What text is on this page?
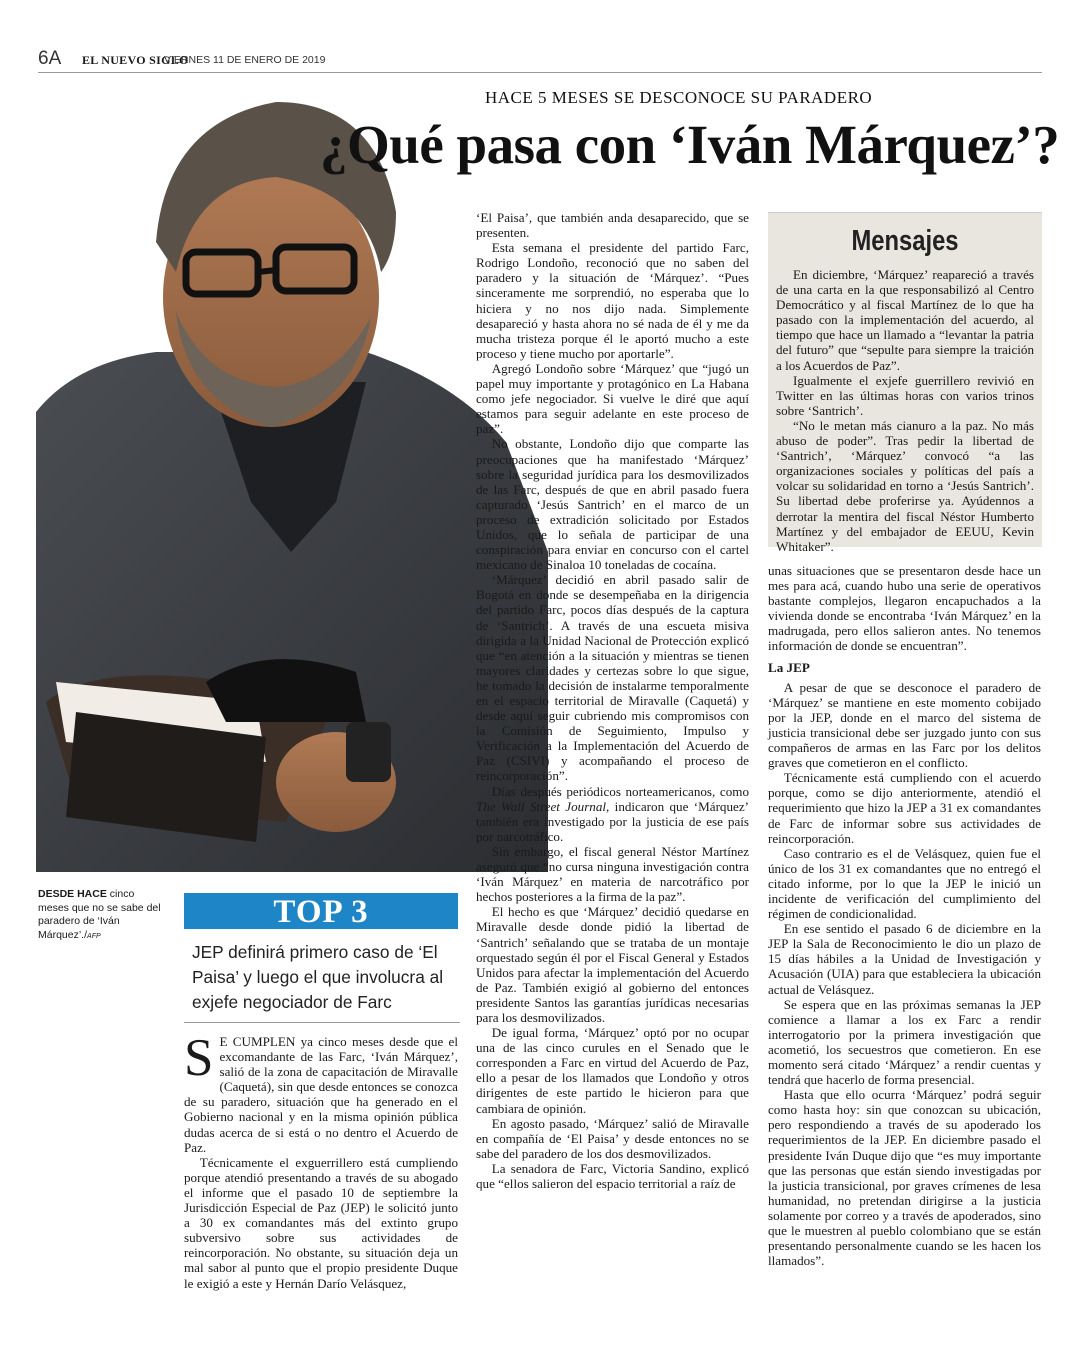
6A EL NUEVO SIGLO
VIERNES 11 DE ENERO DE 2019
HACE 5 MESES SE DESCONOCE SU PARADERO
¿Qué pasa con ‘Iván Márquez’?
DESDE HACE cinco meses que no se sabe del paradero de ‘Iván Márquez’./AFP
TOP 3
JEP definirá primero caso de ‘El Paisa’ y luego el que involucra al exjefe negociador de Farc

S E CUMPLEN ya cinco meses desde que el excomandante de las Farc, ‘Iván Márquez’, salió de la zona de capacitación de Miravalle (Caquetá), sin que desde entonces se conozca de su paradero, situación que ha generado en el Gobierno nacional y en la misma opinión pública dudas acerca de si está o no dentro el Acuerdo de Paz.

Técnicamente el exguerrillero está cumpliendo porque atendió presentando a través de su abogado el informe que el pasado 10 de septiembre la Jurisdicción Especial de Paz (JEP) le solicitó junto a 30 ex comandantes más del extinto grupo subversivo sobre sus actividades de reincorporación. No obstante, su situación deja un mal sabor al punto que el propio presidente Duque le exigió a este y Hernán Darío Velásquez,

‘El Paisa’, que también anda desaparecido, que se presenten.

Esta semana el presidente del partido Farc, Rodrigo Londoño, reconoció que no saben del paradero y la situación de ‘Márquez’. “Pues sinceramente me sorprendió, no esperaba que lo hiciera y no nos dijo nada. Simplemente desapareció y hasta ahora no sé nada de él y me da mucha tristeza porque él le aportó mucho a este proceso y tiene mucho por aportarle”.

Agregó Londoño sobre ‘Márquez’ que “jugó un papel muy importante y protagónico en La Habana como jefe negociador. Si vuelve le diré que aquí estamos para seguir adelante en este proceso de paz”.

No obstante, Londoño dijo que comparte las preocupaciones que ha manifestado ‘Márquez’ sobre la seguridad jurídica para los desmovilizados de las Farc, después de que en abril pasado fuera capturado ‘Jesús Santrich’ en el marco de un proceso de extradición solicitado por Estados Unidos, que lo señala de participar de una conspiración para enviar en concurso con el cartel mexicano de Sinaloa 10 toneladas de cocaína.

‘Márquez’ decidió en abril pasado salir de Bogotá en donde se desempeñaba en la dirigencia del partido Farc, pocos días después de la captura de ‘Santrich’. A través de una escueta misiva dirigida a la Unidad Nacional de Protección explicó que “en atención a la situación y mientras se tienen mayores claridades y certezas sobre lo que sigue, he tomado la decisión de instalarme temporalmente en el espacio territorial de Miravalle (Caquetá) y desde aquí seguir cubriendo mis compromisos con la Comisión de Seguimiento, Impulso y Verificación a la Implementación del Acuerdo de Paz (CSIVI) y acompañando el proceso de reincorporación”.

Días después periódicos norteamericanos, como The Wall Street Journal, indicaron que ‘Márquez’ también era investigado por la justicia de ese país por narcotráfico.

Sin embargo, el fiscal general Néstor Martínez aseguró que “no cursa ninguna investigación contra ‘Iván Márquez’ en materia de narcotráfico por hechos posteriores a la firma de la paz”.

El hecho es que ‘Márquez’ decidió quedarse en Miravalle desde donde pidió la libertad de ‘Santrich’ señalando que se trataba de un montaje orquestado según él por el Fiscal General y Estados Unidos para afectar la implementación del Acuerdo de Paz. También exigió al gobierno del entonces presidente Santos las garantías jurídicas necesarias para los desmovilizados.

De igual forma, ‘Márquez’ optó por no ocupar una de las cinco curules en el Senado que le corresponden a Farc en virtud del Acuerdo de Paz, ello a pesar de los llamados que Londoño y otros dirigentes de este partido le hicieron para que cambiara de opinión.

En agosto pasado, ‘Márquez’ salió de Miravalle en compañía de ‘El Paisa’ y desde entonces no se sabe del paradero de los dos desmovilizados.

La senadora de Farc, Victoria Sandino, explicó que “ellos salieron del espacio territorial a raíz de

Mensajes

En diciembre, ‘Márquez’ reapareció a través de una carta en la que responsabilizó al Centro Democrático y al fiscal Martínez de lo que ha pasado con la implementación del acuerdo, al tiempo que hace un llamado a “levantar la patria del futuro” que “sepulte para siempre la traición a los Acuerdos de Paz”.

Igualmente el exjefe guerrillero revivió en Twitter en las últimas horas con varios trinos sobre ‘Santrich’.

“No le metan más cianuro a la paz. No más abuso de poder”. Tras pedir la libertad de ‘Santrich’, ‘Márquez’ convocó “a las organizaciones sociales y políticas del país a volcar su solidaridad en torno a ‘Jesús Santrich’. Su libertad debe proferirse ya. Ayúdennos a derrotar la mentira del fiscal Néstor Humberto Martínez y del embajador de EEUU, Kevin Whitaker”.

unas situaciones que se presentaron desde hace un mes para acá, cuando hubo una serie de operativos bastante complejos, llegaron encapuchados a la vivienda donde se encontraba ‘Iván Márquez’ en la madrugada, pero ellos salieron antes. No tenemos información de donde se encuentran”.

La JEP

A pesar de que se desconoce el paradero de ‘Márquez’ se mantiene en este momento cobijado por la JEP, donde en el marco del sistema de justicia transicional debe ser juzgado junto con sus compañeros de armas en las Farc por los delitos graves que cometieron en el conflicto.

Técnicamente está cumpliendo con el acuerdo porque, como se dijo anteriormente, atendió el requerimiento que hizo la JEP a 31 ex comandantes de Farc de informar sobre sus actividades de reincorporación.

Caso contrario es el de Velásquez, quien fue el único de los 31 ex comandantes que no entregó el citado informe, por lo que la JEP le inició un incidente de verificación del cumplimiento del régimen de condicionalidad.

En ese sentido el pasado 6 de diciembre en la JEP la Sala de Reconocimiento le dio un plazo de 15 días hábiles a la Unidad de Investigación y Acusación (UIA) para que estableciera la ubicación actual de Velásquez.

Se espera que en las próximas semanas la JEP comience a llamar a los ex Farc a rendir interrogatorio por la primera investigación que acometió, los secuestros que cometieron. En ese momento será citado ‘Márquez’ a rendir cuentas y tendrá que hacerlo de forma presencial.

Hasta que ello ocurra ‘Márquez’ podrá seguir como hasta hoy: sin que conozcan su ubicación, pero respondiendo a través de su apoderado los requerimientos de la JEP. En diciembre pasado el presidente Iván Duque dijo que “es muy importante que las personas que están siendo investigadas por la justicia transicional, por graves crímenes de lesa humanidad, no pretendan dirigirse a la justicia solamente por correo y a través de apoderados, sino que le muestren al pueblo colombiano que se están presentando personalmente cuando se les hacen los llamados”.
